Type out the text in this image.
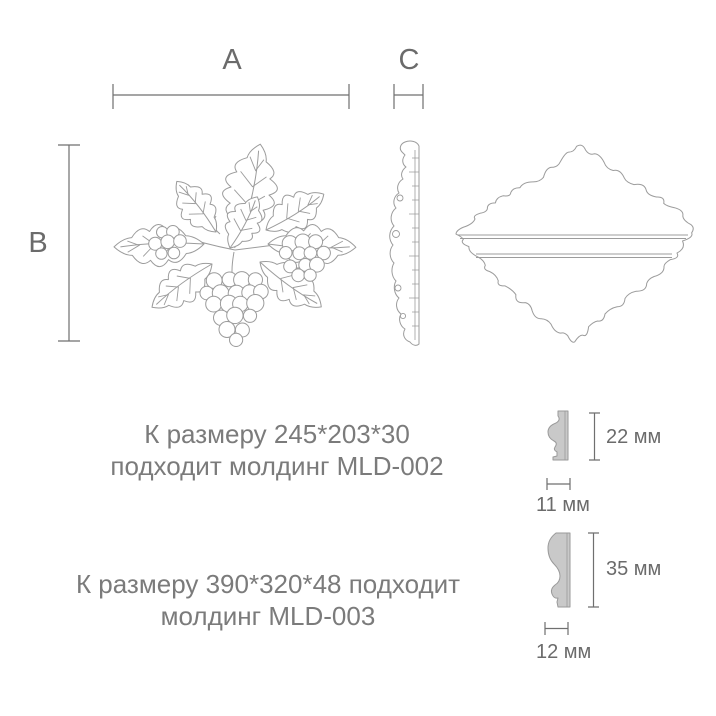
A	C
B
22 мм
11 мм
35 мм
12 мм
К размеру 245*203*30
подходит молдинг MLD-002
К размеру 390*320*48 подходит
молдинг MLD-003
